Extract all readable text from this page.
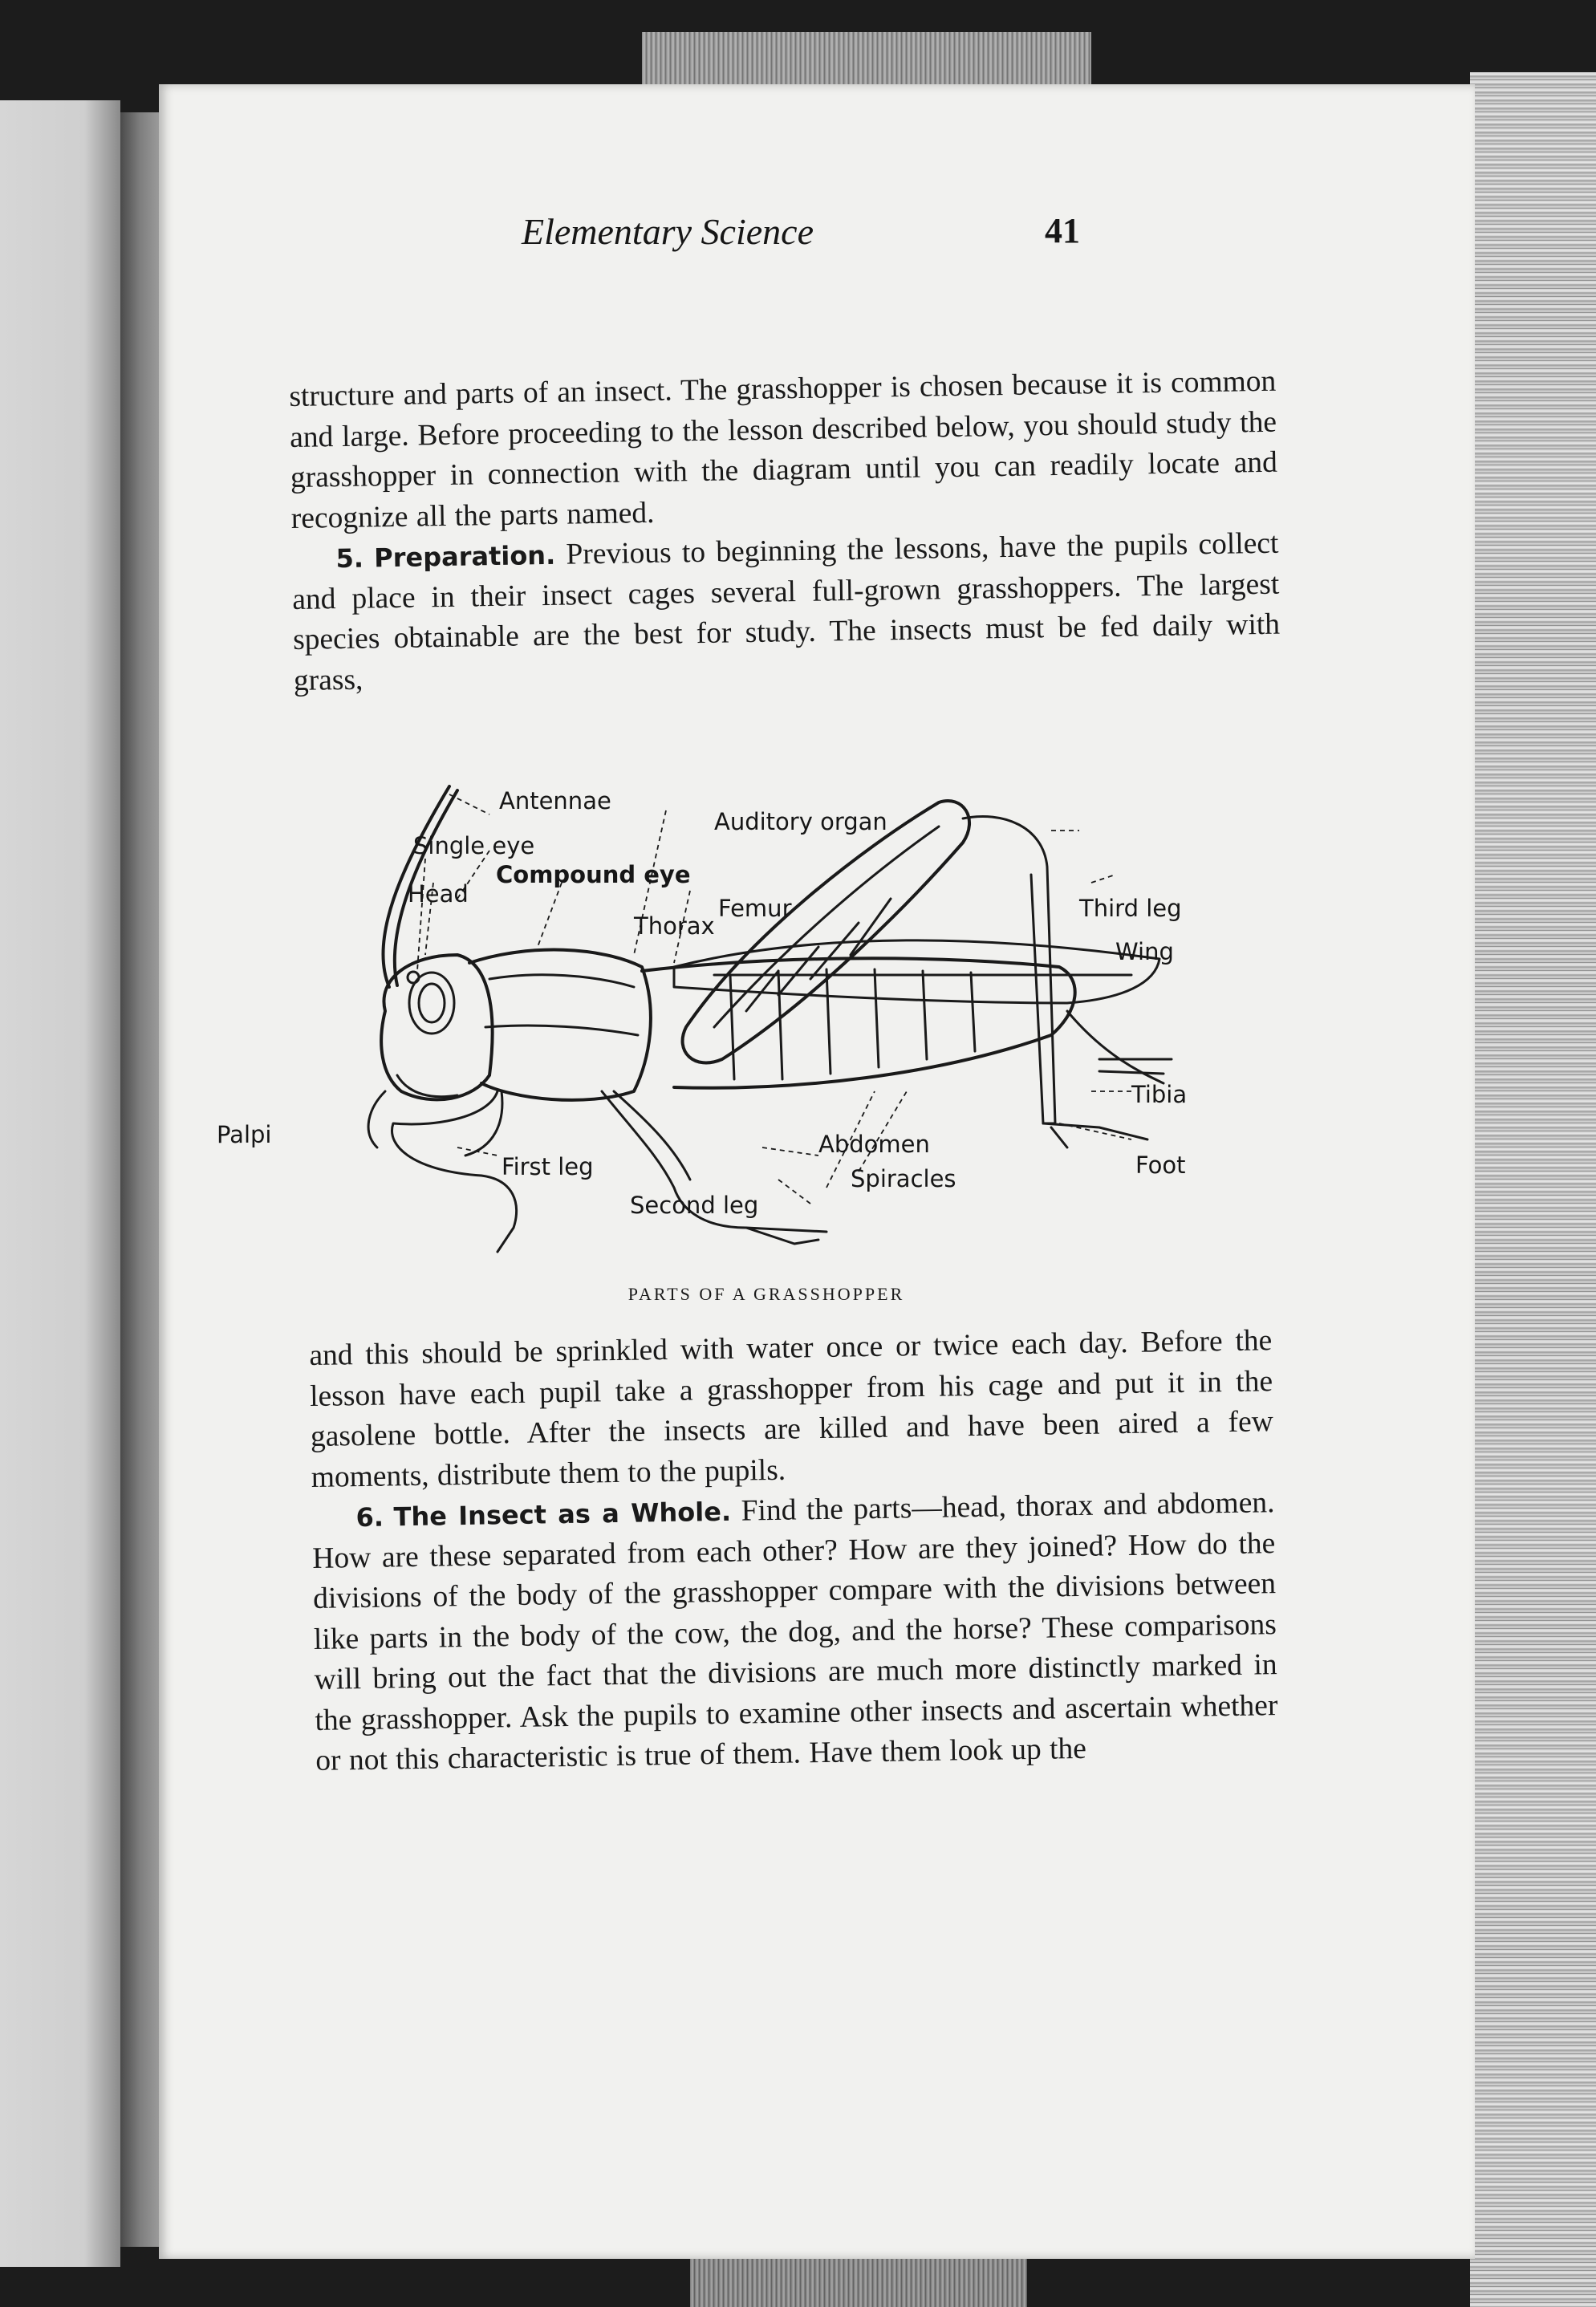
Elementary Science	41

structure and parts of an insect. The grasshopper is chosen because it is common and large. Before proceeding to the lesson described below, you should study the grasshopper in connection with the diagram until you can readily locate and recognize all the parts named.

5. Preparation. Previous to beginning the lessons, have the pupils collect and place in their insect cages several full-grown grasshoppers. The largest species obtainable are the best for study. The insects must be fed daily with grass,

Antennae
Single eye
Head
Compound eye
Thorax
Auditory organ
Femur	Third leg
Wing
Tibia
Foot
Palpi
First leg
Second leg
Abdomen
Spiracles
PARTS OF A GRASSHOPPER

and this should be sprinkled with water once or twice each day. Before the lesson have each pupil take a grasshopper from his cage and put it in the gasolene bottle. After the insects are killed and have been aired a few moments, distribute them to the pupils.

6. The Insect as a Whole. Find the parts—head, thorax and abdomen. How are these separated from each other? How are they joined? How do the divisions of the body of the grasshopper compare with the divisions between like parts in the body of the cow, the dog, and the horse? These comparisons will bring out the fact that the divisions are much more distinctly marked in the grasshopper. Ask the pupils to examine other insects and ascertain whether or not this characteristic is true of them. Have them look up the
